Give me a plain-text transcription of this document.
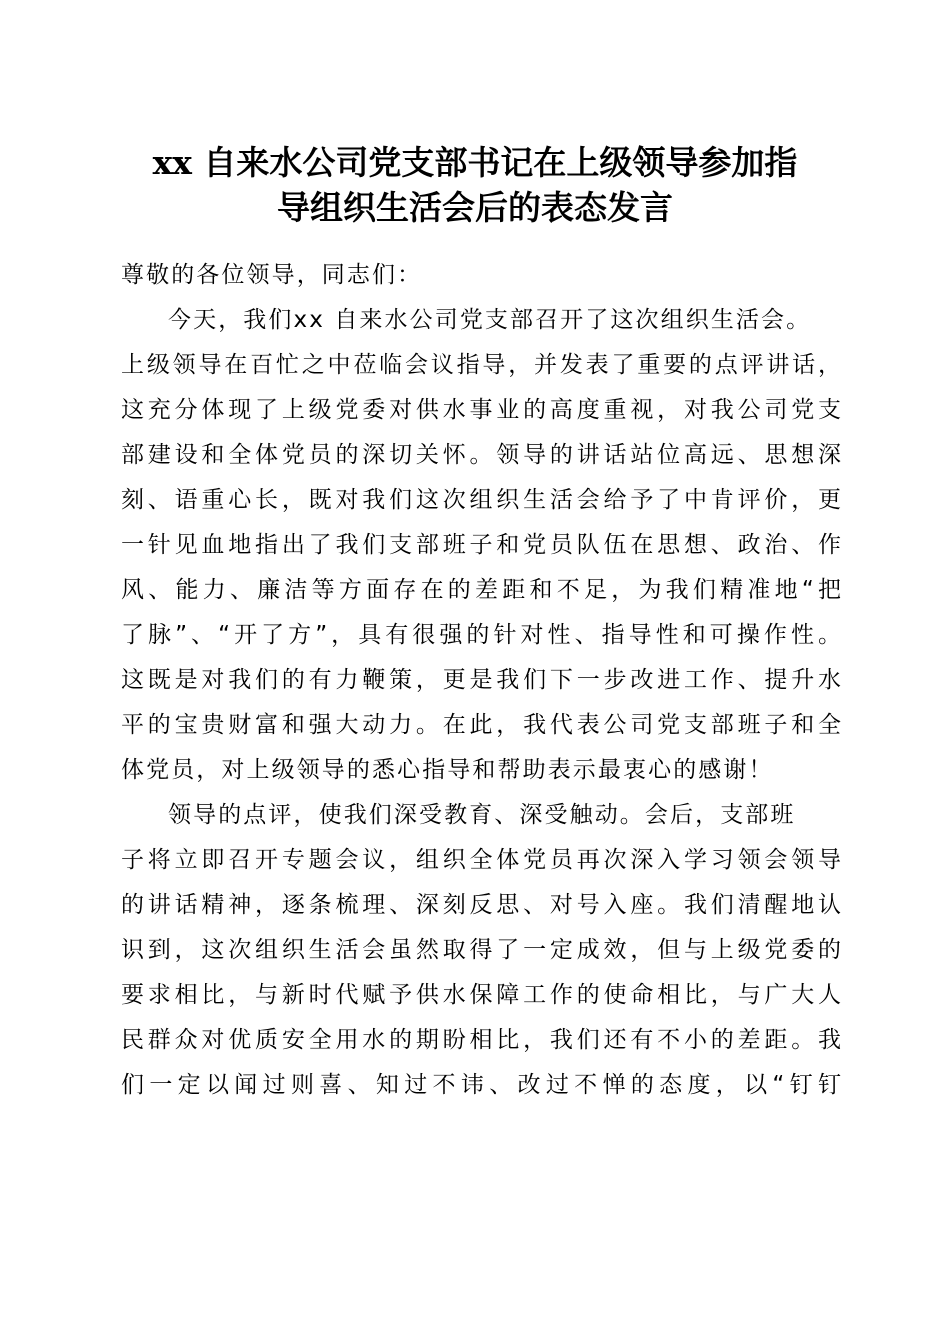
xx 自来水公司党支部书记在上级领导参加指
导组织生活会后的表态发言
尊敬的各位领导，同志们：
今天，我们xx 自来水公司党支部召开了这次组织生活会。
上级领导在百忙之中莅临会议指导，并发表了重要的点评讲话，
这充分体现了上级党委对供水事业的高度重视，对我公司党支
部建设和全体党员的深切关怀。领导的讲话站位高远、思想深
刻、语重心长，既对我们这次组织生活会给予了中肯评价，更
一针见血地指出了我们支部班子和党员队伍在思想、政治、作
风、能力、廉洁等方面存在的差距和不足，为我们精准地“把
了脉”、“开了方”，具有很强的针对性、指导性和可操作性。
这既是对我们的有力鞭策，更是我们下一步改进工作、提升水
平的宝贵财富和强大动力。在此，我代表公司党支部班子和全
体党员，对上级领导的悉心指导和帮助表示最衷心的感谢！
领导的点评，使我们深受教育、深受触动。会后，支部班
子将立即召开专题会议，组织全体党员再次深入学习领会领导
的讲话精神，逐条梳理、深刻反思、对号入座。我们清醒地认
识到，这次组织生活会虽然取得了一定成效，但与上级党委的
要求相比，与新时代赋予供水保障工作的使命相比，与广大人
民群众对优质安全用水的期盼相比，我们还有不小的差距。我
们一定以闻过则喜、知过不讳、改过不惮的态度，以“钉钉
